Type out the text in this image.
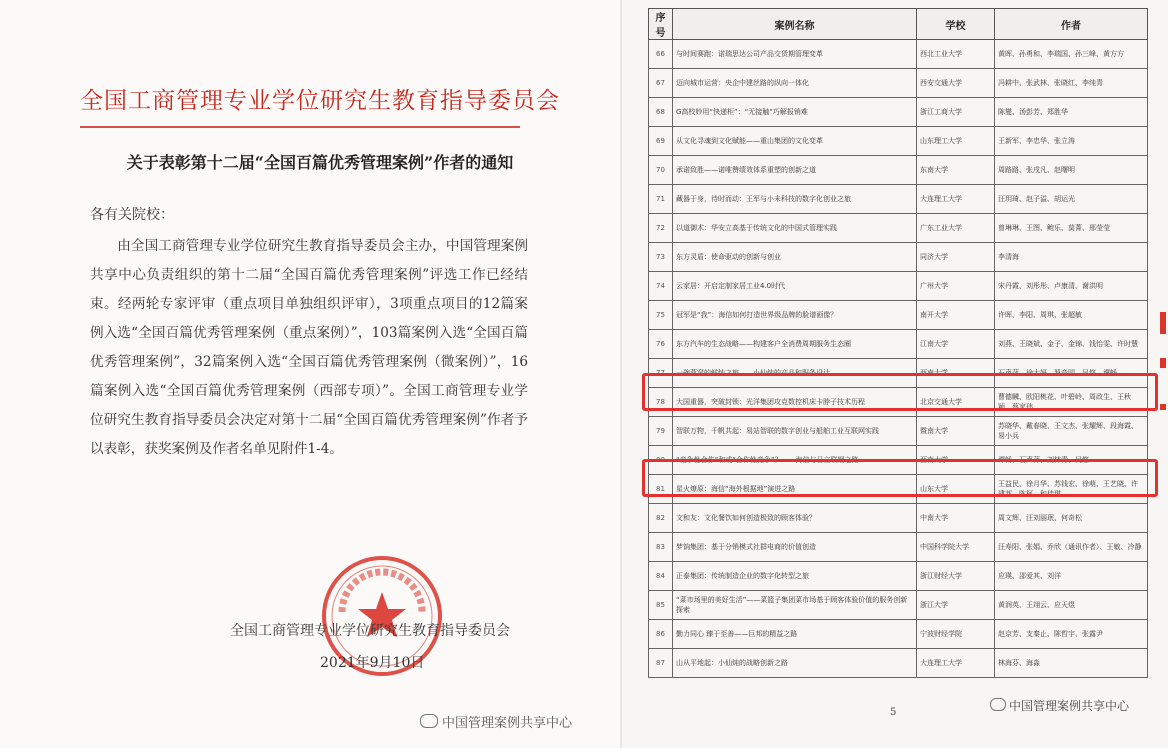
全国工商管理专业学位研究生教育指导委员会
关于表彰第十二届“全国百篇优秀管理案例”作者的通知
各有关院校：
由全国工商管理专业学位研究生教育指导委员会主办，中国管理案例共享中心负责组织的第十二届“全国百篇优秀管理案例”评选工作已经结束。经两轮专家评审（重点项目单独组织评审），3项重点项目的12篇案例入选“全国百篇优秀管理案例（重点案例）”，103篇案例入选“全国百篇优秀管理案例”，32篇案例入选“全国百篇优秀管理案例（微案例）”，16篇案例入选“全国百篇优秀管理案例（西部专项）”。全国工商管理专业学位研究生教育指导委员会决定对第十二届“全国百篇优秀管理案例”作者予以表彰，获奖案例及作者名单见附件1-4。
全国工商管理专业学位研究生教育指导委员会
2021年9月10日
中国管理案例共享中心
序号	案例名称	学校	作者
66	与时间赛跑：诺瑞思达公司产品交货期管理变革	西北工业大学	黄晖、孙勇和、李瑞国、孙三峰、黄方方
67	迈向城市运营：央企中建丝路的纵向一体化	西安交通大学	冯耕中、张武林、张晓红、李纯青
68	G高校妙用“快递柜”：“无接触”巧解报销难	浙江工商大学	陈燮、汤彭芳、郑胜华
69	从文化寻魂到文化赋能——重山集团的文化变革	山东理工大学	王新军、李忠华、张立涛
70	承诺致胜——诺唯赞绩效体系重塑的创新之道	东南大学	周路路、张戌凡、赵曙明
71	藏器于身，待时而动：王军与小未科技的数字化创业之旅	大连理工大学	汪玥琦、赵子溢、胡运光
72	以道御术：华安立高基于传统文化的中国式管理实践	广东工业大学	曾琳琳、王图、鲍乐、莫菁、邢莹莹
73	东方灵盾：使命驱动的创新与创业	同济大学	李清海
74	云家居：开启定制家居工业4.0时代	广州大学	宋丹霞、刘彤彤、卢康清、谢洪明
75	冠军是“我”：海信如何打造世界级品牌的脸谱画像？	南开大学	许晖、李阳、周琪、张超敏
76	东方汽车的生态战略——构建客户全消费周期服务生态圈	江南大学	刘燕、王晓斌、金子、金锦、钱怡雯、许时慧
77	一碗燕窝的鲜炖之旅——小仙炖的产品和服务设计	西南大学	石声萍、徐大妍、罗竞园、吴悠、谭畅
78	大国重器，突破封锁：光洋集团攻克数控机床卡脖子技术历程	北京交通大学	曹德麟、欧阳桃花、叶碧岭、周政生、王秋颖、蔡家玮
79	智联万物，千帆共起：易站智联的数字创业与船舶工业互联网实践	暨南大学	苏晓华、戴春晓、王文杰、张耀辉、段海霞、易小兵
80	“竞争性合作”和或“合作性竞争”？——海信与日立联姻之路	西南大学	谭畅、石声萍、刘林青、吴悠
81	星火燎原：海信“海外根据地”演进之路	山东大学	王益民、徐月华、苏钱宏、徐萌、王艺晓、许建邦、陈柯、和佳琪
82	文和友：文化餐饮如何创造极致的顾客体验？	中南大学	周文辉、汪刘丽珉、何奇松
83	梦饷集团：基于分销模式社群电商的价值创造	中国科学院大学	汪寿阳、张娟、乔欣（通讯作者）、王敏、冷静
84	正泰集团：传统制造企业的数字化转型之旅	浙江财经大学	应瑛、邵爱其、刘洋
85	“菜市场里的美好生活”——菜篮子集团菜市场基于顾客体验价值的服务创新探索	浙江大学	黄润英、王翊云、应天煜
86	勤力同心 臻于至善——巨邦的精益之路	宁波财经学院	赵京芳、支秦止、陈哲宇、张露尹
87	山从平地起：小仙炖的战略创新之路	大连理工大学	林海芬、海淼
5	中国管理案例共享中心
